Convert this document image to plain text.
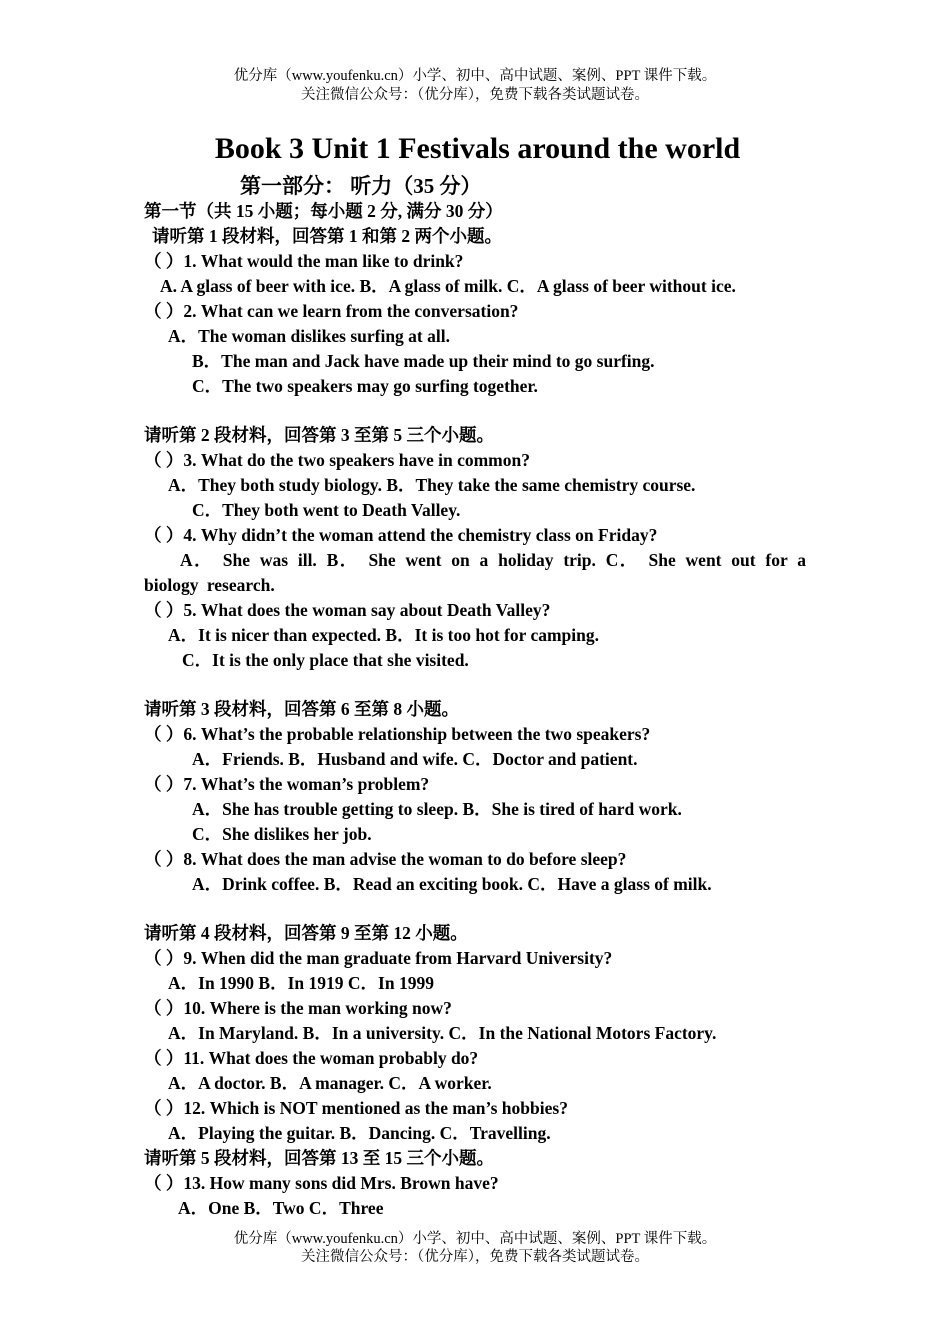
优分库（www.youfenku.cn）小学、初中、高中试题、案例、PPT 课件下载。
关注微信公众号：（优分库），免费下载各类试题试卷。
Book 3 Unit 1 Festivals around the world
第一部分： 听力（35 分）
第一节（共 15 小题；每小题 2 分, 满分 30 分）
请听第 1 段材料，回答第 1 和第 2 两个小题。
（ ）1. What would the man like to drink?
A. A glass of beer with ice. B．A glass of milk. C．A glass of beer without ice.
（ ）2. What can we learn from the conversation?
A．The woman dislikes surfing at all.
B．The man and Jack have made up their mind to go surfing.
C．The two speakers may go surfing together.
请听第 2 段材料，回答第 3 至第 5 三个小题。
（ ）3. What do the two speakers have in common?
A．They both study biology. B．They take the same chemistry course.
C．They both went to Death Valley.
（ ）4. Why didn’t the woman attend the chemistry class on Friday?
A． She was ill. B． She went on a holiday trip. C． She went out for a biology research.
（ ）5. What does the woman say about Death Valley?
A．It is nicer than expected. B．It is too hot for camping.
C．It is the only place that she visited.
请听第 3 段材料，回答第 6 至第 8 小题。
（ ）6. What’s the probable relationship between the two speakers?
A．Friends. B．Husband and wife. C．Doctor and patient.
（ ）7. What’s the woman’s problem?
A．She has trouble getting to sleep. B．She is tired of hard work.
C．She dislikes her job.
（ ）8. What does the man advise the woman to do before sleep?
A．Drink coffee. B．Read an exciting book. C．Have a glass of milk.
请听第 4 段材料，回答第 9 至第 12 小题。
（ ）9. When did the man graduate from Harvard University?
A．In 1990 B．In 1919 C．In 1999
（ ）10. Where is the man working now?
A．In Maryland. B．In a university. C．In the National Motors Factory.
（ ）11. What does the woman probably do?
A．A doctor. B．A manager. C．A worker.
（ ）12. Which is NOT mentioned as the man’s hobbies?
A．Playing the guitar. B．Dancing. C．Travelling.
请听第 5 段材料，回答第 13 至 15 三个小题。
（ ）13. How many sons did Mrs. Brown have?
A．One B．Two C．Three
优分库（www.youfenku.cn）小学、初中、高中试题、案例、PPT 课件下载。
关注微信公众号：（优分库），免费下载各类试题试卷。
